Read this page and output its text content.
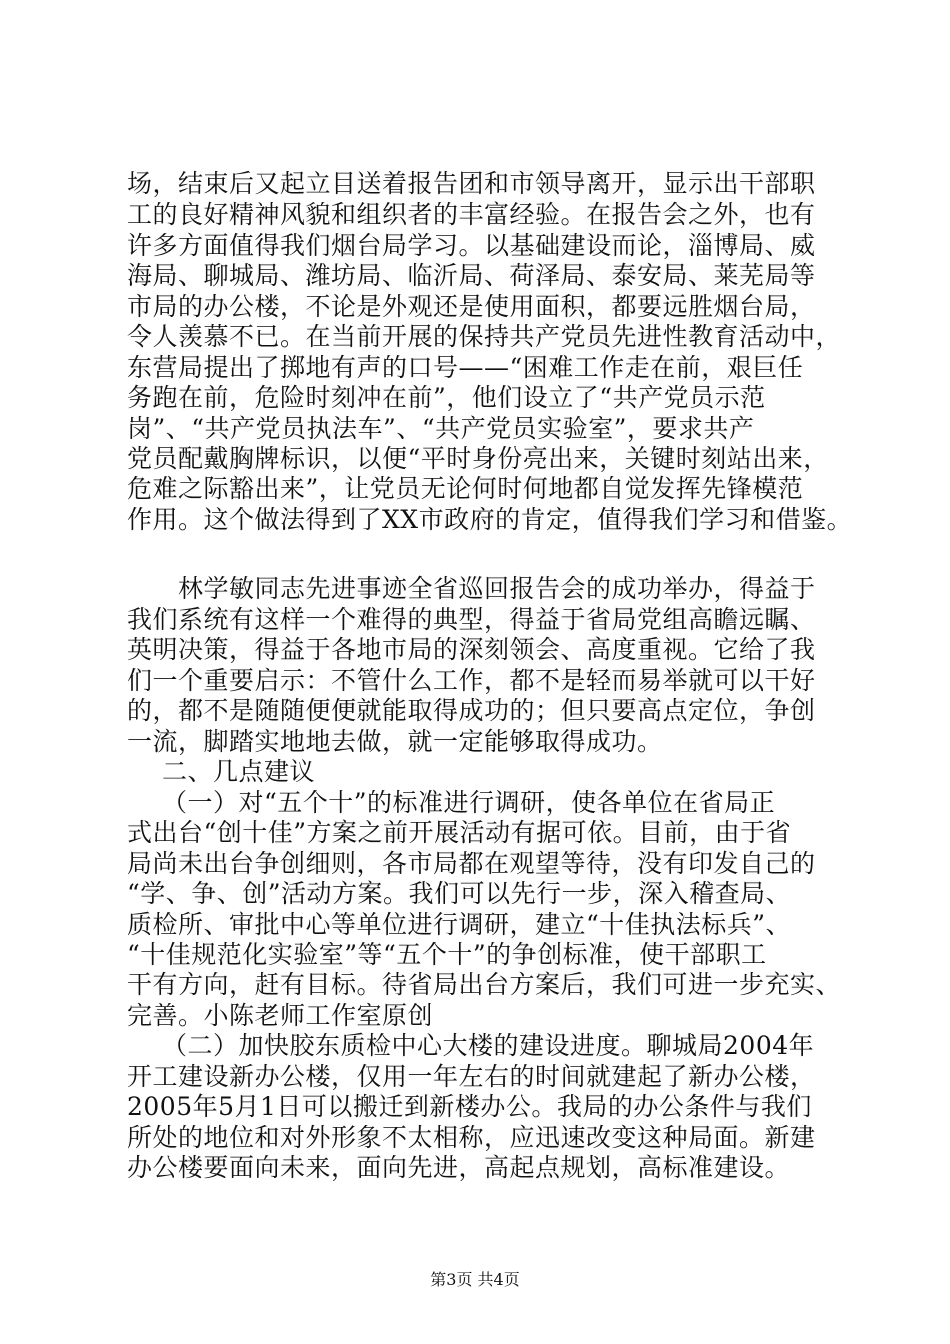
场，结束后又起立目送着报告团和市领导离开，显示出干部职
工的良好精神风貌和组织者的丰富经验。在报告会之外，也有
许多方面值得我们烟台局学习。以基础建设而论，淄博局、威
海局、聊城局、潍坊局、临沂局、荷泽局、泰安局、莱芜局等
市局的办公楼，不论是外观还是使用面积，都要远胜烟台局，
令人羡慕不已。在当前开展的保持共产党员先进性教育活动中，
东营局提出了掷地有声的口号——“困难工作走在前，艰巨任
务跑在前，危险时刻冲在前”，他们设立了“共产党员示范
岗”、“共产党员执法车”、“共产党员实验室”，要求共产
党员配戴胸牌标识，以便“平时身份亮出来，关键时刻站出来，
危难之际豁出来”，让党员无论何时何地都自觉发挥先锋模范
作用。这个做法得到了XX市政府的肯定，值得我们学习和借鉴。
林学敏同志先进事迹全省巡回报告会的成功举办，得益于
我们系统有这样一个难得的典型，得益于省局党组高瞻远瞩、
英明决策，得益于各地市局的深刻领会、高度重视。它给了我
们一个重要启示：不管什么工作，都不是轻而易举就可以干好
的，都不是随随便便就能取得成功的；但只要高点定位，争创
一流，脚踏实地地去做，就一定能够取得成功。
二、几点建议
（一）对“五个十”的标准进行调研，使各单位在省局正
式出台“创十佳”方案之前开展活动有据可依。目前，由于省
局尚未出台争创细则，各市局都在观望等待，没有印发自己的
“学、争、创”活动方案。我们可以先行一步，深入稽查局、
质检所、审批中心等单位进行调研，建立“十佳执法标兵”、
“十佳规范化实验室”等“五个十”的争创标准，使干部职工
干有方向，赶有目标。待省局出台方案后，我们可进一步充实、
完善。小陈老师工作室原创
（二）加快胶东质检中心大楼的建设进度。聊城局2004年
开工建设新办公楼，仅用一年左右的时间就建起了新办公楼，
2005年5月1日可以搬迁到新楼办公。我局的办公条件与我们
第3页 共4页
所处的地位和对外形象不太相称，应迅速改变这种局面。新建
办公楼要面向未来，面向先进，高起点规划，高标准建设。
